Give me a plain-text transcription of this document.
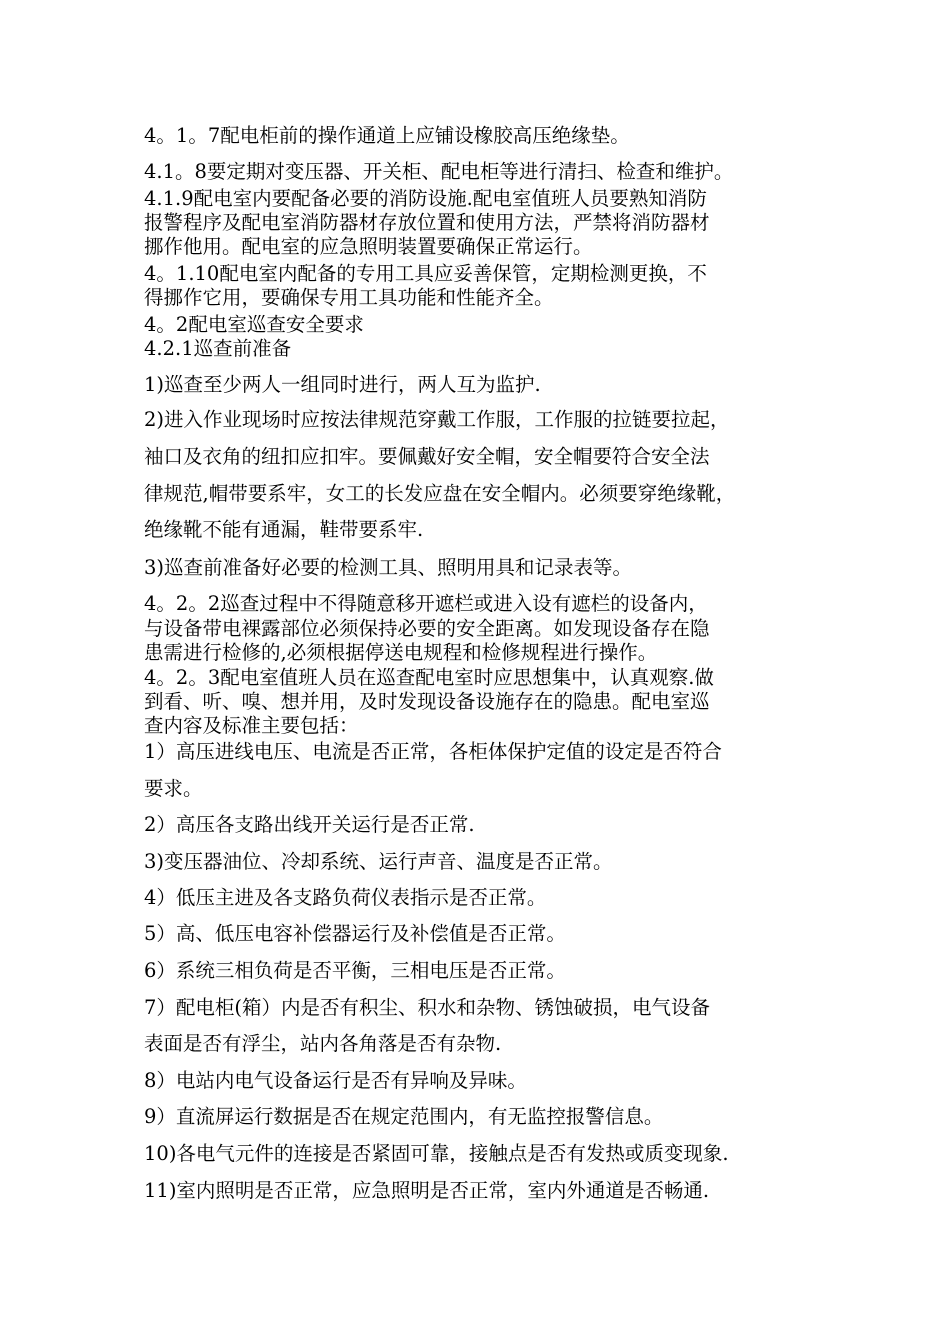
4。1。7配电柜前的操作通道上应铺设橡胶高压绝缘垫。
4.1。8要定期对变压器、开关柜、配电柜等进行清扫、检查和维护。
4.1.9配电室内要配备必要的消防设施.配电室值班人员要熟知消防
报警程序及配电室消防器材存放位置和使用方法，严禁将消防器材
挪作他用。配电室的应急照明装置要确保正常运行。
4。1.10配电室内配备的专用工具应妥善保管，定期检测更换，不
得挪作它用，要确保专用工具功能和性能齐全。
4。2配电室巡查安全要求
4.2.1巡查前准备
1)巡查至少两人一组同时进行，两人互为监护.
2)进入作业现场时应按法律规范穿戴工作服，工作服的拉链要拉起，
袖口及衣角的纽扣应扣牢。要佩戴好安全帽，安全帽要符合安全法
律规范,帽带要系牢，女工的长发应盘在安全帽内。必须要穿绝缘靴，
绝缘靴不能有通漏，鞋带要系牢.
3)巡查前准备好必要的检测工具、照明用具和记录表等。
4。2。2巡查过程中不得随意移开遮栏或进入设有遮栏的设备内，
与设备带电裸露部位必须保持必要的安全距离。如发现设备存在隐
患需进行检修的,必须根据停送电规程和检修规程进行操作。
4。2。3配电室值班人员在巡查配电室时应思想集中，认真观察.做
到看、听、嗅、想并用，及时发现设备设施存在的隐患。配电室巡
查内容及标准主要包括：
1）高压进线电压、电流是否正常，各柜体保护定值的设定是否符合
要求。
2）高压各支路出线开关运行是否正常.
3)变压器油位、冷却系统、运行声音、温度是否正常。
4）低压主进及各支路负荷仪表指示是否正常。
5）高、低压电容补偿器运行及补偿值是否正常。
6）系统三相负荷是否平衡，三相电压是否正常。
7）配电柜(箱）内是否有积尘、积水和杂物、锈蚀破损，电气设备
表面是否有浮尘，站内各角落是否有杂物.
8）电站内电气设备运行是否有异响及异味。
9）直流屏运行数据是否在规定范围内，有无监控报警信息。
10)各电气元件的连接是否紧固可靠，接触点是否有发热或质变现象.
11)室内照明是否正常，应急照明是否正常，室内外通道是否畅通.
